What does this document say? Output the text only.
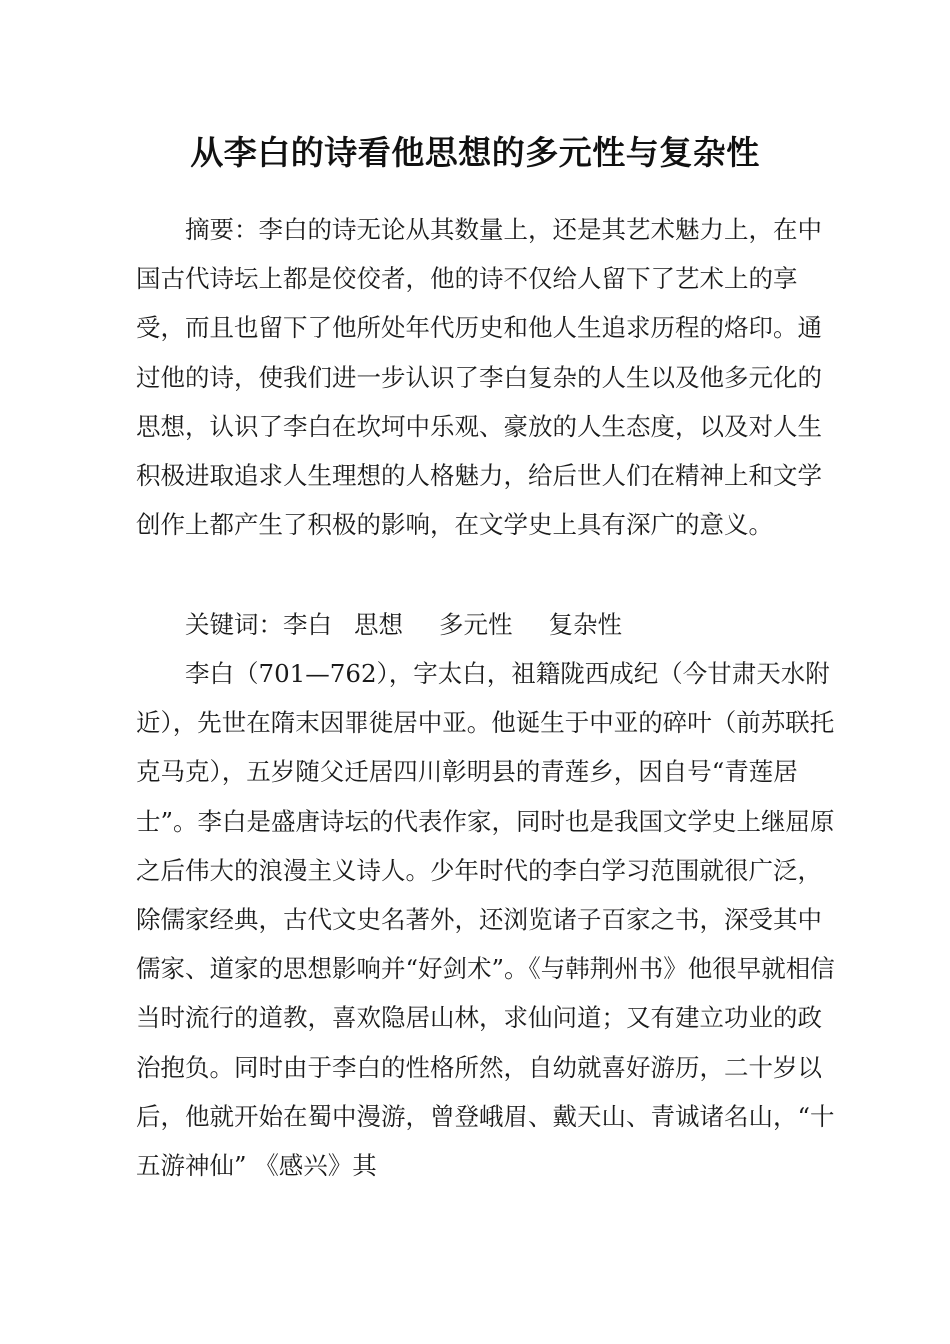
从李白的诗看他思想的多元性与复杂性

摘要：李白的诗无论从其数量上，还是其艺术魅力上，在中国古代诗坛上都是佼佼者，他的诗不仅给人留下了艺术上的享受，而且也留下了他所处年代历史和他人生追求历程的烙印。通过他的诗，使我们进一步认识了李白复杂的人生以及他多元化的思想，认识了李白在坎坷中乐观、豪放的人生态度，以及对人生积极进取追求人生理想的人格魅力，给后世人们在精神上和文学创作上都产生了积极的影响，在文学史上具有深广的意义。

关键词：李白 思想 多元性 复杂性

李白（701—762），字太白，祖籍陇西成纪（今甘肃天水附近），先世在隋末因罪徙居中亚。他诞生于中亚的碎叶（前苏联托克马克），五岁随父迁居四川彰明县的青莲乡，因自号“青莲居士”。李白是盛唐诗坛的代表作家，同时也是我国文学史上继屈原之后伟大的浪漫主义诗人。少年时代的李白学习范围就很广泛，除儒家经典，古代文史名著外，还浏览诸子百家之书，深受其中儒家、道家的思想影响并“好剑术”。《与韩荆州书》他很早就相信当时流行的道教，喜欢隐居山林，求仙问道；又有建立功业的政治抱负。同时由于李白的性格所然，自幼就喜好游历，二十岁以后，他就开始在蜀中漫游，曾登峨眉、戴天山、青诚诸名山，“十五游神仙” 《感兴》其
